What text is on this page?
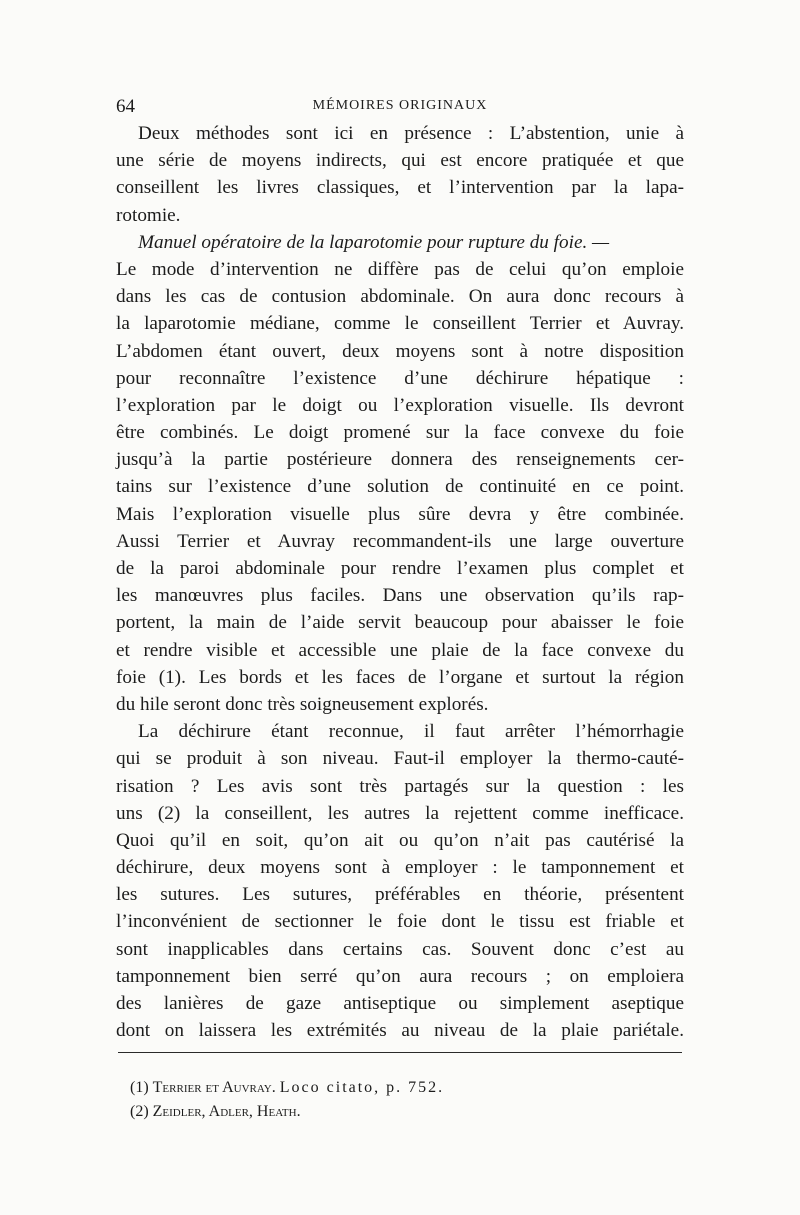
64	MÉMOIRES ORIGINAUX
Deux méthodes sont ici en présence : L’abstention, unie à
une série de moyens indirects, qui est encore pratiquée et que
conseillent les livres classiques, et l’intervention par la lapa-
rotomie.
Manuel opératoire de la laparotomie pour rupture du foie. —
Le mode d’intervention ne diffère pas de celui qu’on emploie
dans les cas de contusion abdominale. On aura donc recours à
la laparotomie médiane, comme le conseillent Terrier et Auvray.
L’abdomen étant ouvert, deux moyens sont à notre disposition
pour reconnaître l’existence d’une déchirure hépatique :
l’exploration par le doigt ou l’exploration visuelle. Ils devront
être combinés. Le doigt promené sur la face convexe du foie
jusqu’à la partie postérieure donnera des renseignements cer-
tains sur l’existence d’une solution de continuité en ce point.
Mais l’exploration visuelle plus sûre devra y être combinée.
Aussi Terrier et Auvray recommandent-ils une large ouverture
de la paroi abdominale pour rendre l’examen plus complet et
les manœuvres plus faciles. Dans une observation qu’ils rap-
portent, la main de l’aide servit beaucoup pour abaisser le foie
et rendre visible et accessible une plaie de la face convexe du
foie (1). Les bords et les faces de l’organe et surtout la région
du hile seront donc très soigneusement explorés.
La déchirure étant reconnue, il faut arrêter l’hémorrhagie
qui se produit à son niveau. Faut-il employer la thermo-cauté-
risation ? Les avis sont très partagés sur la question : les
uns (2) la conseillent, les autres la rejettent comme inefficace.
Quoi qu’il en soit, qu’on ait ou qu’on n’ait pas cautérisé la
déchirure, deux moyens sont à employer : le tamponnement et
les sutures. Les sutures, préférables en théorie, présentent
l’inconvénient de sectionner le foie dont le tissu est friable et
sont inapplicables dans certains cas. Souvent donc c’est au
tamponnement bien serré qu’on aura recours ; on emploiera
des lanières de gaze antiseptique ou simplement aseptique
dont on laissera les extrémités au niveau de la plaie pariétale.
(1) Terrier et Auvray. Loco citato, p. 752.
(2) Zeidler, Adler, Heath.
